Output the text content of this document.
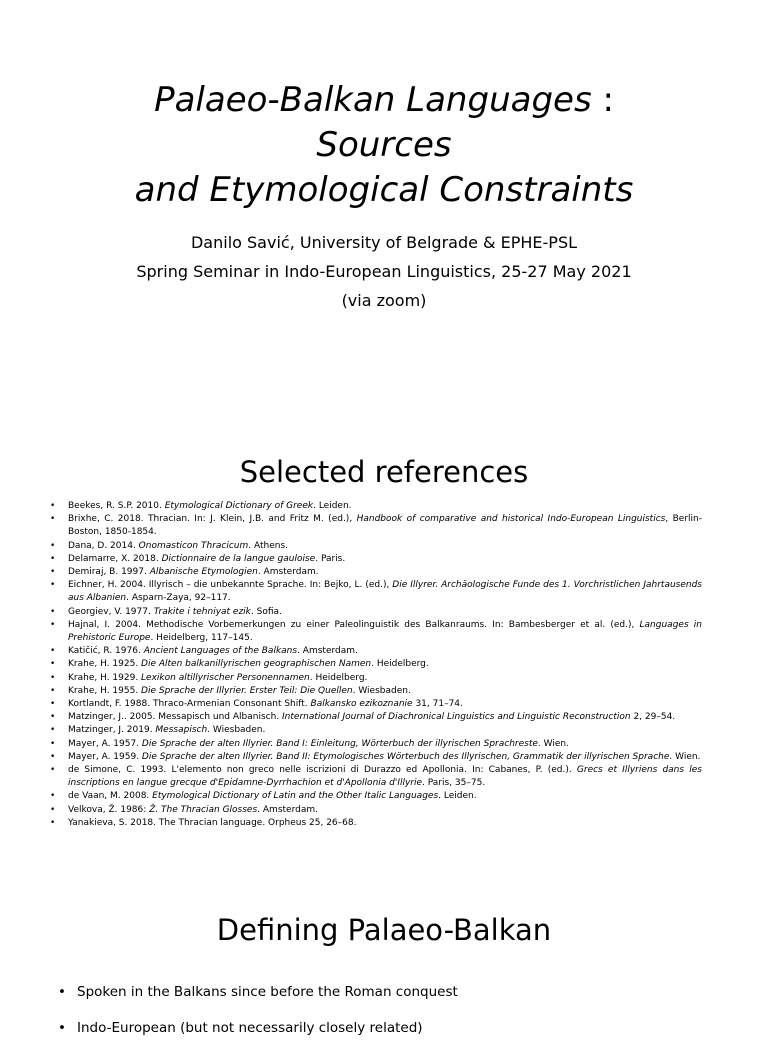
Palaeo-Balkan Languages :
Sources
and Etymological Constraints
Danilo Savić, University of Belgrade & EPHE-PSL
Spring Seminar in Indo-European Linguistics, 25-27 May 2021
(via zoom)
Selected references
• Beekes, R. S.P. 2010. Etymological Dictionary of Greek. Leiden.
• Brixhe, C. 2018. Thracian. In: J. Klein, J.B. and Fritz M. (ed.), Handbook of comparative and historical Indo-European Linguistics, Berlin-Boston, 1850-1854.
• Dana, D. 2014. Onomasticon Thracicum. Athens.
• Delamarre, X. 2018. Dictionnaire de la langue gauloise. Paris.
• Demiraj, B. 1997. Albanische Etymologien. Amsterdam.
• Eichner, H. 2004. Illyrisch – die unbekannte Sprache. In: Bejko, L. (ed.), Die Illyrer. Archäologische Funde des 1. Vorchristlichen Jahrtausends aus Albanien. Asparn-Zaya, 92–117.
• Georgiev, V. 1977. Trakite i tehniyat ezik. Sofia.
• Hajnal, I. 2004. Methodische Vorbemerkungen zu einer Paleolinguistik des Balkanraums. In: Bambesberger et al. (ed.), Languages in Prehistoric Europe. Heidelberg, 117–145.
• Katičić, R. 1976. Ancient Languages of the Balkans. Amsterdam.
• Krahe, H. 1925. Die Alten balkanillyrischen geographischen Namen. Heidelberg.
• Krahe, H. 1929. Lexikon altillyrischer Personennamen. Heidelberg.
• Krahe, H. 1955. Die Sprache der Illyrier. Erster Teil: Die Quellen. Wiesbaden.
• Kortlandt, F. 1988. Thraco-Armenian Consonant Shift. Balkansko ezikoznanie 31, 71–74.
• Matzinger, J.. 2005. Messapisch und Albanisch. International Journal of Diachronical Linguistics and Linguistic Reconstruction 2, 29–54.
• Matzinger, J. 2019. Messapisch. Wiesbaden.
• Mayer, A. 1957. Die Sprache der alten Illyrier. Band I: Einleitung, Wörterbuch der illyrischen Sprachreste. Wien.
• Mayer, A. 1959. Die Sprache der alten Illyrier. Band II: Etymologisches Wörterbuch des Illyrischen, Grammatik der illyrischen Sprache. Wien.
• de Simone, C. 1993. L'elemento non greco nelle iscrizioni di Durazzo ed Apollonia. In: Cabanes, P. (ed.). Grecs et Illyriens dans les inscriptions en langue grecque d'Epidamne-Dyrrhachion et d'Apollonia d'Illyrie. Paris, 35–75.
• de Vaan, M. 2008. Etymological Dictionary of Latin and the Other Italic Languages. Leiden.
• Velkova, Ž. 1986: Ž. The Thracian Glosses. Amsterdam.
• Yanakieva, S. 2018. The Thracian language. Orpheus 25, 26–68.
Defining Palaeo-Balkan
• Spoken in the Balkans since before the Roman conquest
• Indo-European (but not necessarily closely related)
